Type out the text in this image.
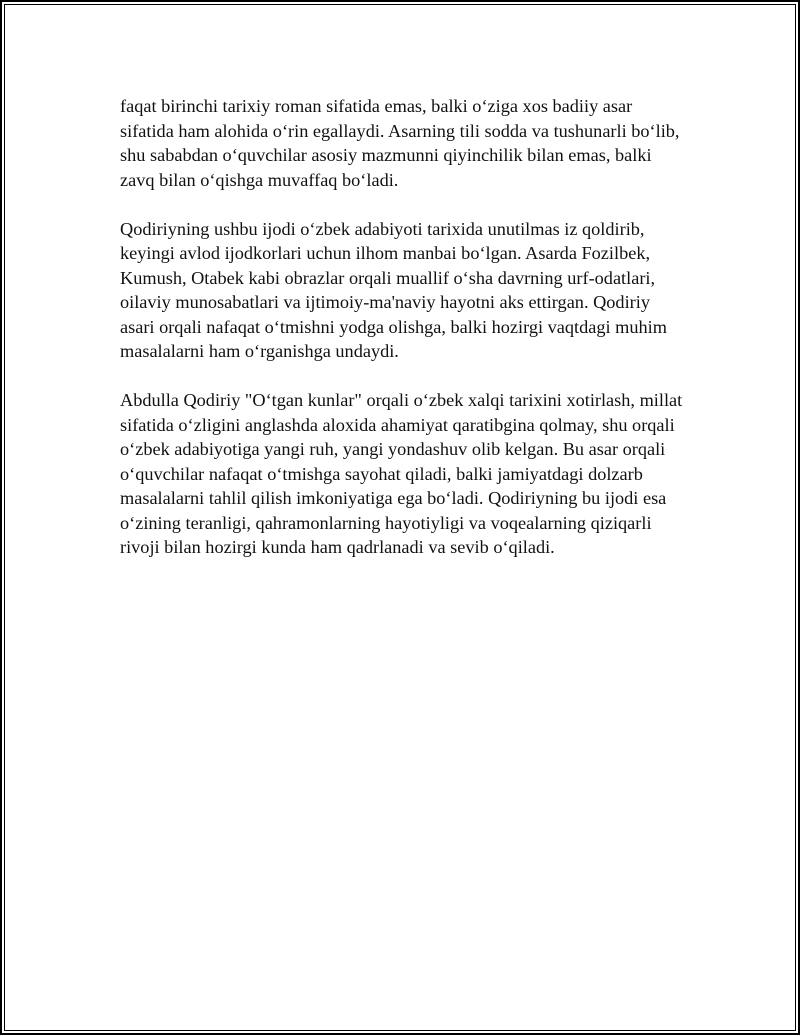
faqat birinchi tarixiy roman sifatida emas, balki o‘ziga xos badiiy asar
sifatida ham alohida o‘rin egallaydi. Asarning tili sodda va tushunarli bo‘lib,
shu sababdan o‘quvchilar asosiy mazmunni qiyinchilik bilan emas, balki
zavq bilan o‘qishga muvaffaq bo‘ladi.

Qodiriyning ushbu ijodi o‘zbek adabiyoti tarixida unutilmas iz qoldirib,
keyingi avlod ijodkorlari uchun ilhom manbai bo‘lgan. Asarda Fozilbek,
Kumush, Otabek kabi obrazlar orqali muallif o‘sha davrning urf-odatlari,
oilaviy munosabatlari va ijtimoiy-ma'naviy hayotni aks ettirgan. Qodiriy
asari orqali nafaqat o‘tmishni yodga olishga, balki hozirgi vaqtdagi muhim
masalalarni ham o‘rganishga undaydi.

Abdulla Qodiriy "O‘tgan kunlar" orqali o‘zbek xalqi tarixini xotirlash, millat
sifatida o‘zligini anglashda aloxida ahamiyat qaratibgina qolmay, shu orqali
o‘zbek adabiyotiga yangi ruh, yangi yondashuv olib kelgan. Bu asar orqali
o‘quvchilar nafaqat o‘tmishga sayohat qiladi, balki jamiyatdagi dolzarb
masalalarni tahlil qilish imkoniyatiga ega bo‘ladi. Qodiriyning bu ijodi esa
o‘zining teranligi, qahramonlarning hayotiyligi va voqealarning qiziqarli
rivoji bilan hozirgi kunda ham qadrlanadi va sevib o‘qiladi.
